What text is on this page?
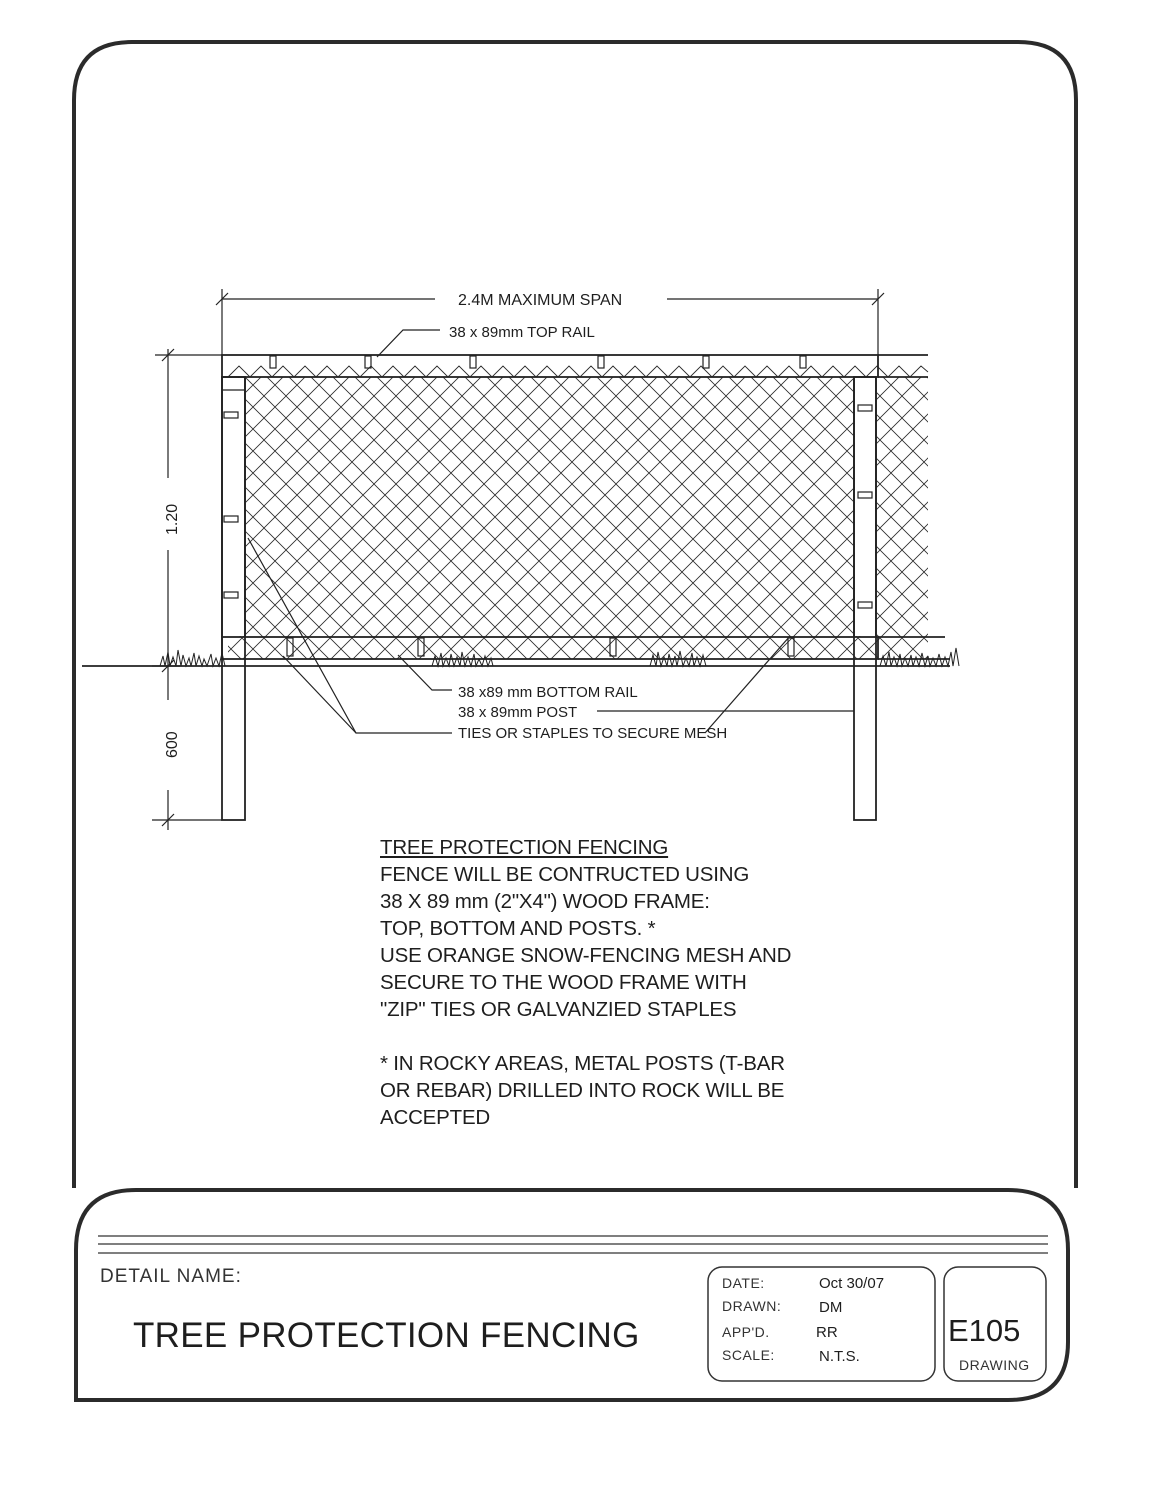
2.4M MAXIMUM SPAN
38 x 89mm TOP RAIL
1.20
600
38 x89 mm BOTTOM RAIL
38 x 89mm POST
TIES OR STAPLES TO SECURE MESH
TREE PROTECTION FENCING
FENCE WILL BE CONTRUCTED USING
38 X 89 mm (2"X4") WOOD FRAME:
TOP, BOTTOM AND POSTS. *
USE ORANGE SNOW-FENCING MESH AND
SECURE TO THE WOOD FRAME WITH
"ZIP" TIES OR GALVANZIED STAPLES
* IN ROCKY AREAS, METAL POSTS (T-BAR
OR REBAR) DRILLED INTO ROCK WILL BE
ACCEPTED
DETAIL NAME:
TREE PROTECTION FENCING
DATE:	Oct 30/07
DRAWN:	DM
APP'D.	RR
SCALE:	N.T.S.
E105
DRAWING
